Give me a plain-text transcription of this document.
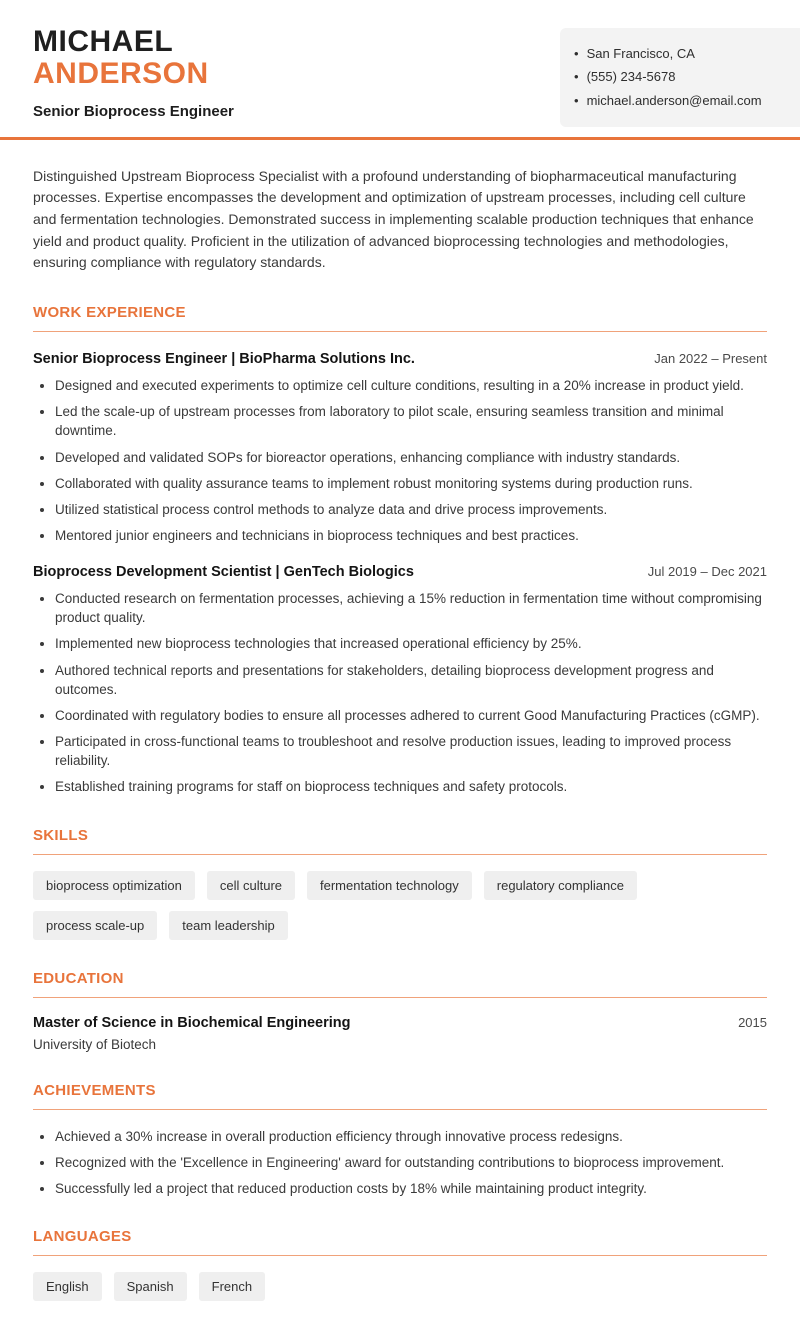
MICHAEL
ANDERSON
Senior Bioprocess Engineer
•
San Francisco, CA
•
(555) 234-5678
•
michael.anderson@email.com

Distinguished Upstream Bioprocess Specialist with a profound understanding of biopharmaceutical manufacturing processes. Expertise encompasses the development and optimization of upstream processes, including cell culture and fermentation technologies. Demonstrated success in implementing scalable production techniques that enhance yield and product quality. Proficient in the utilization of advanced bioprocessing technologies and methodologies, ensuring compliance with regulatory standards.

WORK EXPERIENCE
Senior Bioprocess Engineer | BioPharma Solutions Inc.	Jan 2022 – Present
• Designed and executed experiments to optimize cell culture conditions, resulting in a 20% increase in product yield.
• Led the scale-up of upstream processes from laboratory to pilot scale, ensuring seamless transition and minimal downtime.
• Developed and validated SOPs for bioreactor operations, enhancing compliance with industry standards.
• Collaborated with quality assurance teams to implement robust monitoring systems during production runs.
• Utilized statistical process control methods to analyze data and drive process improvements.
• Mentored junior engineers and technicians in bioprocess techniques and best practices.
Bioprocess Development Scientist | GenTech Biologics	Jul 2019 – Dec 2021
• Conducted research on fermentation processes, achieving a 15% reduction in fermentation time without compromising product quality.
• Implemented new bioprocess technologies that increased operational efficiency by 25%.
• Authored technical reports and presentations for stakeholders, detailing bioprocess development progress and outcomes.
• Coordinated with regulatory bodies to ensure all processes adhered to current Good Manufacturing Practices (cGMP).
• Participated in cross-functional teams to troubleshoot and resolve production issues, leading to improved process reliability.
• Established training programs for staff on bioprocess techniques and safety protocols.
SKILLS
bioprocess optimization	cell culture	fermentation technology	regulatory compliance
process scale-up	team leadership
EDUCATION
Master of Science in Biochemical Engineering	2015
University of Biotech
ACHIEVEMENTS
• Achieved a 30% increase in overall production efficiency through innovative process redesigns.
• Recognized with the 'Excellence in Engineering' award for outstanding contributions to bioprocess improvement.
• Successfully led a project that reduced production costs by 18% while maintaining product integrity.
LANGUAGES
English	Spanish	French
